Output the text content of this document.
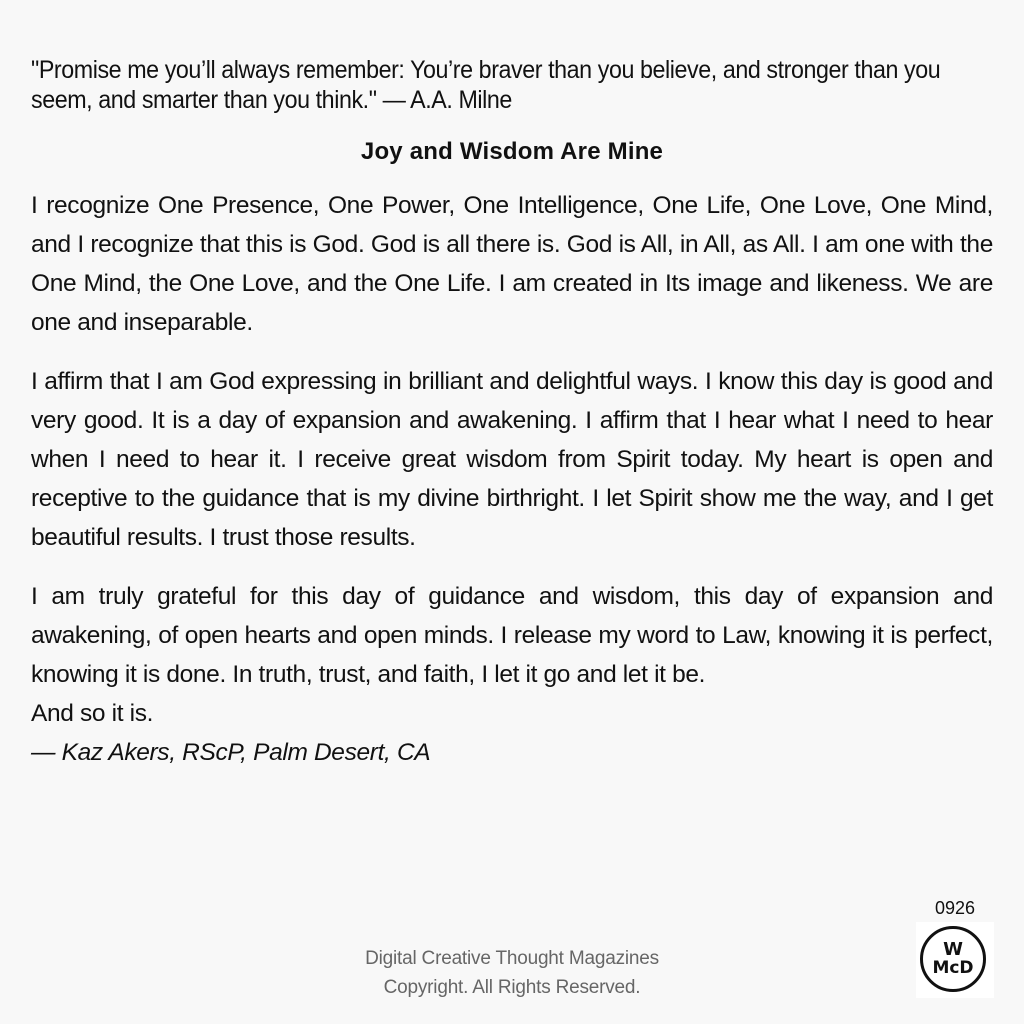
"Promise me you’ll always remember: You’re braver than you believe, and stronger than you seem, and smarter than you think." — A.A. Milne

Joy and Wisdom Are Mine

I recognize One Presence, One Power, One Intelligence, One Life, One Love, One Mind, and I recognize that this is God. God is all there is. God is All, in All, as All. I am one with the One Mind, the One Love, and the One Life. I am created in Its image and likeness. We are one and inseparable.

I affirm that I am God expressing in brilliant and delightful ways. I know this day is good and very good. It is a day of expansion and awakening. I affirm that I hear what I need to hear when I need to hear it. I receive great wisdom from Spirit today. My heart is open and receptive to the guidance that is my divine birthright. I let Spirit show me the way, and I get beautiful results. I trust those results.

I am truly grateful for this day of guidance and wisdom, this day of expansion and awakening, of open hearts and open minds. I release my word to Law, knowing it is perfect, knowing it is done. In truth, trust, and faith, I let it go and let it be.

And so it is.

— Kaz Akers, RScP, Palm Desert, CA

Digital Creative Thought Magazines
Copyright. All Rights Reserved.
0926
W
McD
